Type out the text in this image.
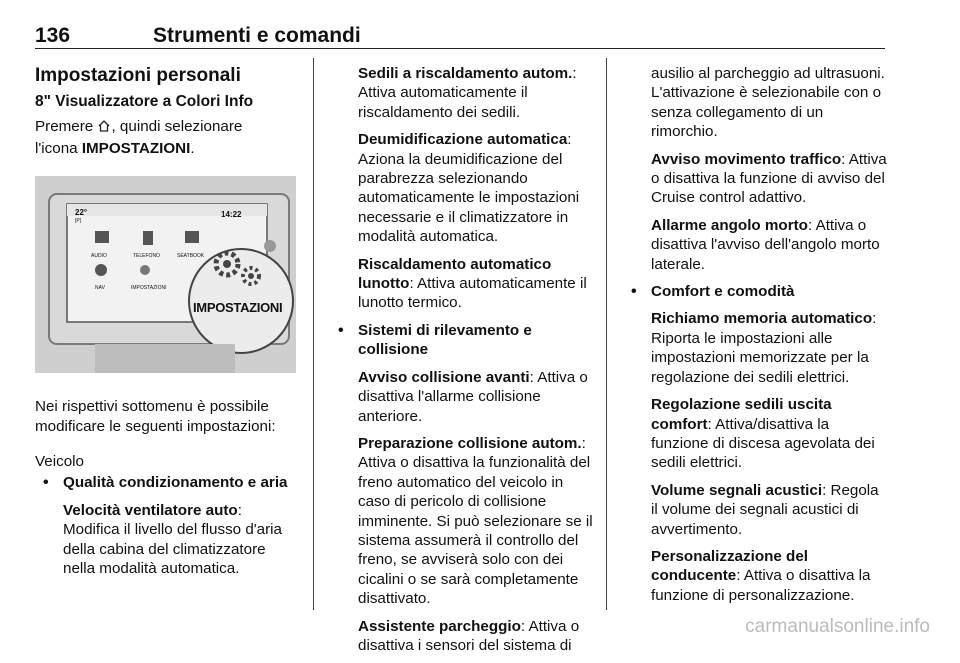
136	Strumenti e comandi
Impostazioni personali
8" Visualizzatore a Colori Info

Premere , quindi selezionare
l'icona IMPOSTAZIONI.

22°
[P]
14:22
AUDIO	TELEFONO	SEATBOOK
NAV	IMPOSTAZIONI
IMPOSTAZIONI

Nei rispettivi sottomenu è possibile modificare le seguenti impostazioni:

Veicolo

• Qualità condizionamento e aria

Velocità ventilatore auto: Modifica il livello del flusso d'aria della cabina del climatizzatore nella modalità automatica.

Sedili a riscaldamento autom.: Attiva automaticamente il riscaldamento dei sedili.

Deumidificazione automatica: Aziona la deumidificazione del parabrezza selezionando automaticamente le impostazioni necessarie e il climatizzatore in modalità automatica.

Riscaldamento automatico lunotto: Attiva automaticamente il lunotto termico.

• Sistemi di rilevamento e collisione

Avviso collisione avanti: Attiva o disattiva l'allarme collisione anteriore.

Preparazione collisione autom.: Attiva o disattiva la funzionalità del freno automatico del veicolo in caso di pericolo di collisione imminente. Si può selezionare se il sistema assumerà il controllo del freno, se avviserà solo con dei cicalini o se sarà completamente disattivato.

Assistente parcheggio: Attiva o disattiva i sensori del sistema di

ausilio al parcheggio ad ultrasuoni. L'attivazione è selezionabile con o senza collegamento di un rimorchio.

Avviso movimento traffico: Attiva o disattiva la funzione di avviso del Cruise control adattivo.

Allarme angolo morto: Attiva o disattiva l'avviso dell'angolo morto laterale.

• Comfort e comodità

Richiamo memoria automatico: Riporta le impostazioni alle impostazioni memorizzate per la regolazione dei sedili elettrici.

Regolazione sedili uscita comfort: Attiva/disattiva la funzione di discesa agevolata dei sedili elettrici.

Volume segnali acustici: Regola il volume dei segnali acustici di avvertimento.

Personalizzazione del conducente: Attiva o disattiva la funzione di personalizzazione.

carmanualsonline.info
